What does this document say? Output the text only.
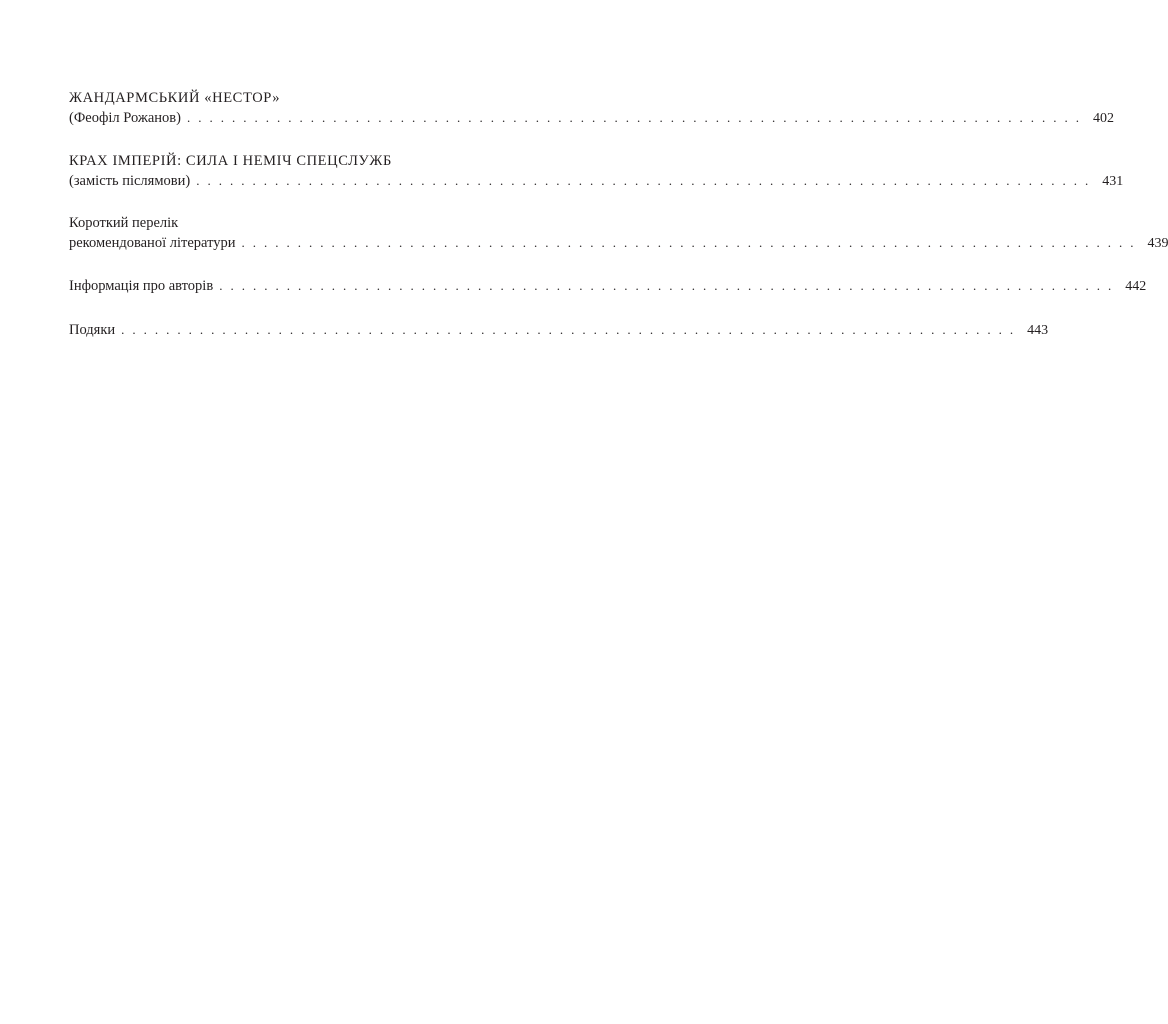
ЖАНДАРМСЬКИЙ «НЕСТОР»
(Феофіл Рожанов) ................................................................................ 402
КРАХ ІМПЕРІЙ: СИЛА І НЕМІЧ СПЕЦСЛУЖБ
(замість післямови) ................................................................................ 431
Короткий перелік
рекомендованої літератури ................................................................................ 439
Інформація про авторів ................................................................................ 442
Подяки ................................................................................ 443
